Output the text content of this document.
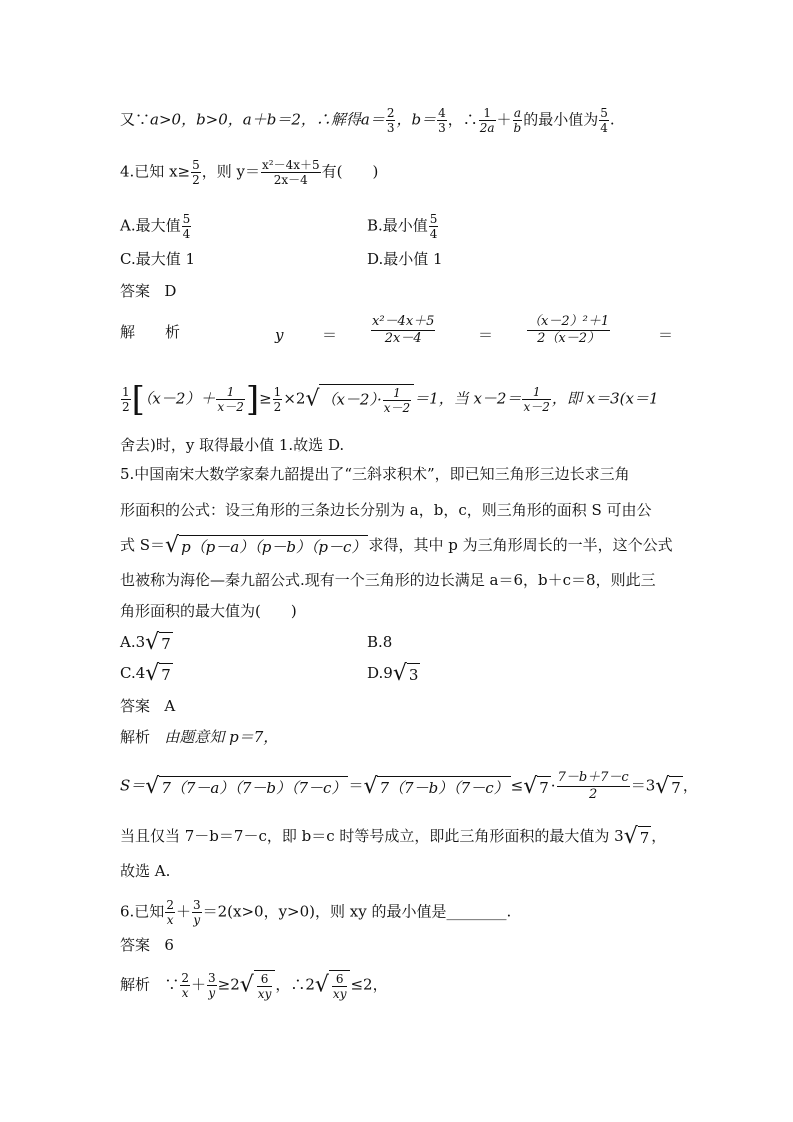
又∵a>0，b>0，a＋b＝2，∴解得$a= \frac{2}{3}$ ，$b= \frac{4}{3}$ ，∴ $\frac{1}{2a} + \frac{a}{b}$ 的最小值为 $\frac{5}{4}$ .
4.已知 $x\ge \frac{5}{2}$ ，则 $y= \frac{\text{x²－4x＋5}}{2x-4}$ 有(　　)
A.最大值 $\frac{5}{4}$	B.最小值 $\frac{5}{4}$
C.最大值 1	D.最小值 1
答案 D
解　　析	y	＝	$\frac{\text{x²－4x＋5}}{2x-4}$	＝	$\frac{\text{（x－2）²＋1}}{2(x-2)}$	＝
$\frac{1}{2} [(x-2)+ \frac{1}{x-2}$ ]≥ $\frac{1}{2} \times 2√$ $(x-2)\cdot \frac{1}{x-2} =1$，当 $x-2= \frac{1}{x-2}$ ，即 x＝3(x＝1
舍去)时，y 取得最小值 1.故选 D.
5.中国南宋大数学家秦九韶提出了“三斜求积术”，即已知三角形三边长求三角
形面积的公式：设三角形的三条边长分别为 a，b，c，则三角形的面积 S 可由公
式 S＝√ p（p－a）（p－b）（p－c） 求得，其中 p 为三角形周长的一半，这个公式
也被称为海伦—秦九韶公式.现有一个三角形的边长满足 a＝6，b＋c＝8，则此三
角形面积的最大值为(　　)
A.3√ 7	B.8
C.4√ 7	D.9√ 3
答案 A
解析 由题意知 p＝7，
S＝√ 7（7－a）（7－b）（7－c） ＝√ 7（7－b）（7－c） ≤√ $7 \cdot \frac{7-b+7-c}{2} =3√$ 7 ，
当且仅当 7－b＝7－c，即 b＝c 时等号成立，即此三角形面积的最大值为 3√ 7 ，
故选 A.
6.已知 $\frac{2}{x} + \frac{3}{y} =2(x>0$，y>0)，则 xy 的最小值是________.
答案 6
解析 ∵ $\frac{2}{x} + \frac{3}{y} \ge 2√ \frac{6}{xy}$ ，∴2√ $\frac{6}{xy} \le 2$，
